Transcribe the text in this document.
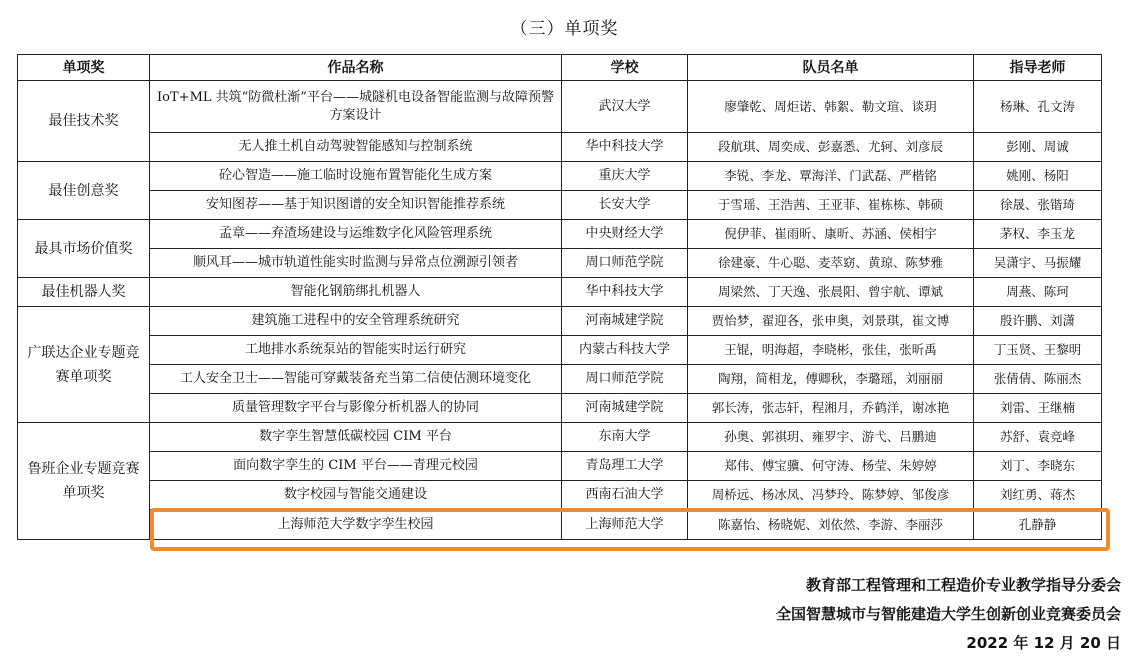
（三）单项奖
单项奖	作品名称	学校	队员名单	指导老师
最佳技术奖	IoT+ML 共筑“防微杜渐”平台——城隧机电设备智能监测与故障预警方案设计	武汉大学	廖肇乾、周炬诺、韩絮、勒文瑄、谈玥	杨琳、孔文涛
	无人推土机自动驾驶智能感知与控制系统	华中科技大学	段航琪、周奕成、彭嘉悉、尤轲、刘彦辰	彭刚、周诚
最佳创意奖	砼心智造——施工临时设施布置智能化生成方案	重庆大学	李锐、李龙、覃海洋、门武磊、严楷铭	姚刚、杨阳
	安知图荐——基于知识图谱的安全知识智能推荐系统	长安大学	于雪瑶、王浩茜、王亚菲、崔栋栋、韩硕	徐晟、张锴琦
最具市场价值奖	孟章——弃渣场建设与运维数字化风险管理系统	中央财经大学	倪伊菲、崔雨昕、康昕、苏涵、侯相宇	茅权、李玉龙
	顺风耳——城市轨道性能实时监测与异常点位溯源引领者	周口师范学院	徐建豪、牛心聪、麦萃窈、黄琼、陈梦雅	吴潇宇、马振耀
最佳机器人奖	智能化钢筋绑扎机器人	华中科技大学	周梁然、丁天逸、张晨阳、曾宇航、谭斌	周燕、陈珂
广联达企业专题竞赛单项奖	建筑施工进程中的安全管理系统研究	河南城建学院	贾怡梦，翟迎各，张申奥，刘景琪，崔文博	殷许鹏、刘潇
	工地排水系统泵站的智能实时运行研究	内蒙古科技大学	王锟，明海超，李晓彬，张佳，张昕禹	丁玉贤、王黎明
	工人安全卫士——智能可穿戴装备充当第二信使估测环境变化	周口师范学院	陶翔，简相龙，傅卿秋，李璐瑶，刘丽丽	张倩倩、陈丽杰
	质量管理数字平台与影像分析机器人的协同	河南城建学院	郭长涛，张志轩，程湘月，乔鹤洋，谢冰艳	刘雷、王继楠
鲁班企业专题竞赛单项奖	数字孪生智慧低碳校园 CIM 平台	东南大学	孙奥、郭祺玥、雍罗宇、游弋、吕鹏迪	苏舒、袁竞峰
	面向数字孪生的 CIM 平台——青理元校园	青岛理工大学	郑伟、傅宝骥、何守涛、杨莹、朱婷婷	刘丁、李晓东
	数字校园与智能交通建设	西南石油大学	周桥远、杨冰凤、冯梦玲、陈梦婷、邹俊彦	刘红勇、蒋杰
	上海师范大学数字孪生校园	上海师范大学	陈嘉怡、杨晓妮、刘依然、李游、李丽莎	孔静静
教育部工程管理和工程造价专业教学指导分委会
全国智慧城市与智能建造大学生创新创业竞赛委员会
2022 年 12 月 20 日
